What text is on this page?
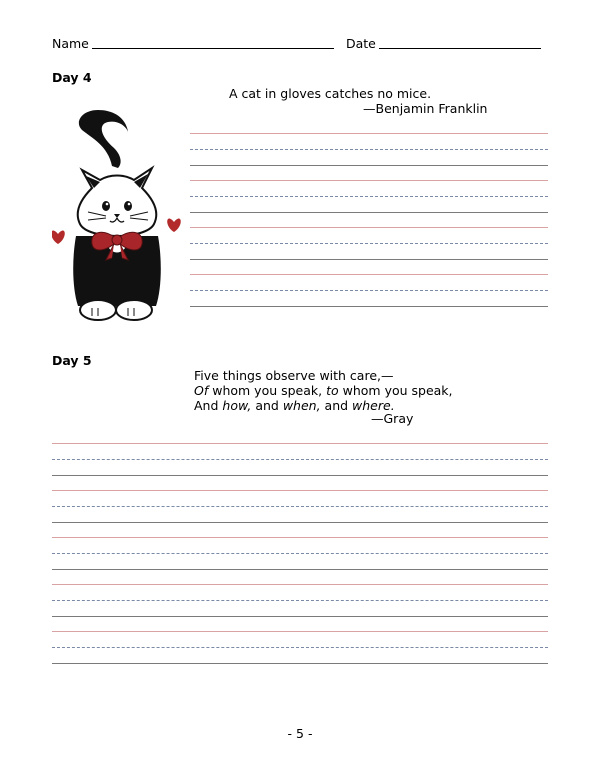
Name	Date
Day 4
A cat in gloves catches no mice.
—Benjamin Franklin
Day 5
Five things observe with care,—
Of whom you speak, to whom you speak,
And how, and when, and where.
—Gray
- 5 -
